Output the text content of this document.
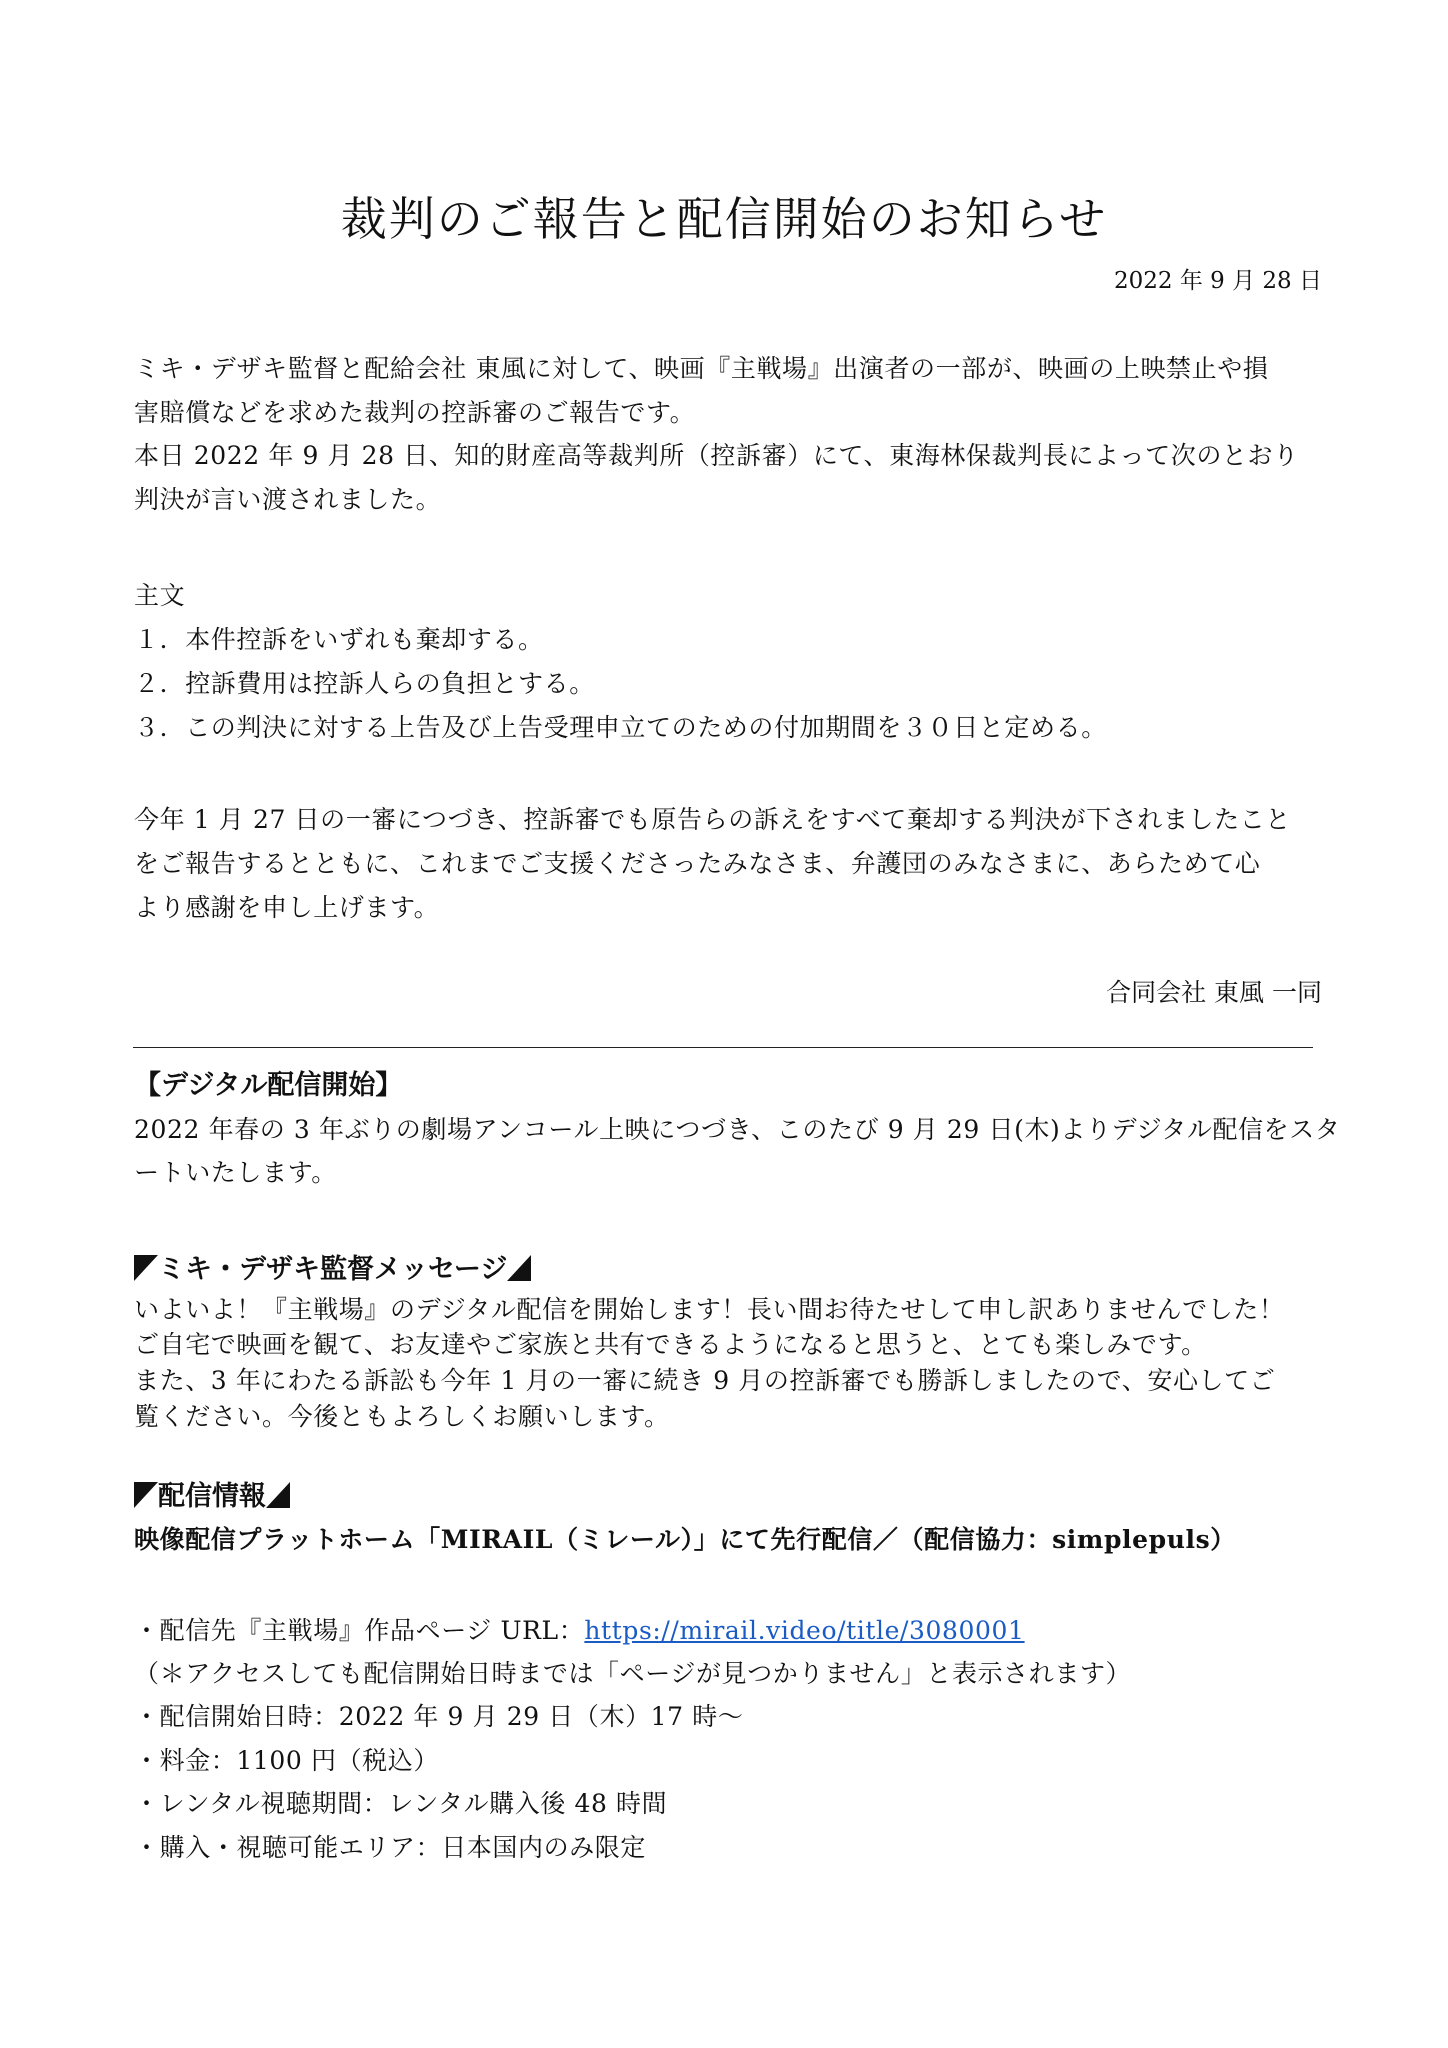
裁判のご報告と配信開始のお知らせ
2022 年 9 月 28 日
ミキ・デザキ監督と配給会社 東風に対して、映画『主戦場』出演者の一部が、映画の上映禁止や損
害賠償などを求めた裁判の控訴審のご報告です。
本日 2022 年 9 月 28 日、知的財産高等裁判所（控訴審）にて、東海林保裁判長によって次のとおり
判決が言い渡されました。
主文
１．本件控訴をいずれも棄却する。
２．控訴費用は控訴人らの負担とする。
３．この判決に対する上告及び上告受理申立てのための付加期間を３０日と定める。
今年 1 月 27 日の一審につづき、控訴審でも原告らの訴えをすべて棄却する判決が下されましたこと
をご報告するとともに、これまでご支援くださったみなさま、弁護団のみなさまに、あらためて心
より感謝を申し上げます。
合同会社 東風 一同
【デジタル配信開始】
2022 年春の 3 年ぶりの劇場アンコール上映につづき、このたび 9 月 29 日(木)よりデジタル配信をスタ
ートいたします。
ミキ・デザキ監督メッセージ
いよいよ！『主戦場』のデジタル配信を開始します！長い間お待たせして申し訳ありませんでした！
ご自宅で映画を観て、お友達やご家族と共有できるようになると思うと、とても楽しみです。
また、3 年にわたる訴訟も今年 1 月の一審に続き 9 月の控訴審でも勝訴しましたので、安心してご
覧ください。今後ともよろしくお願いします。
配信情報
映像配信プラットホーム「MIRAIL（ミレール）」にて先行配信／（配信協力：simplepuls）
・配信先『主戦場』作品ページ URL：https://mirail.video/title/3080001
（＊アクセスしても配信開始日時までは「ページが見つかりません」と表示されます）
・配信開始日時：2022 年 9 月 29 日（木）17 時〜
・料金：1100 円（税込）
・レンタル視聴期間：レンタル購入後 48 時間
・購入・視聴可能エリア：日本国内のみ限定
